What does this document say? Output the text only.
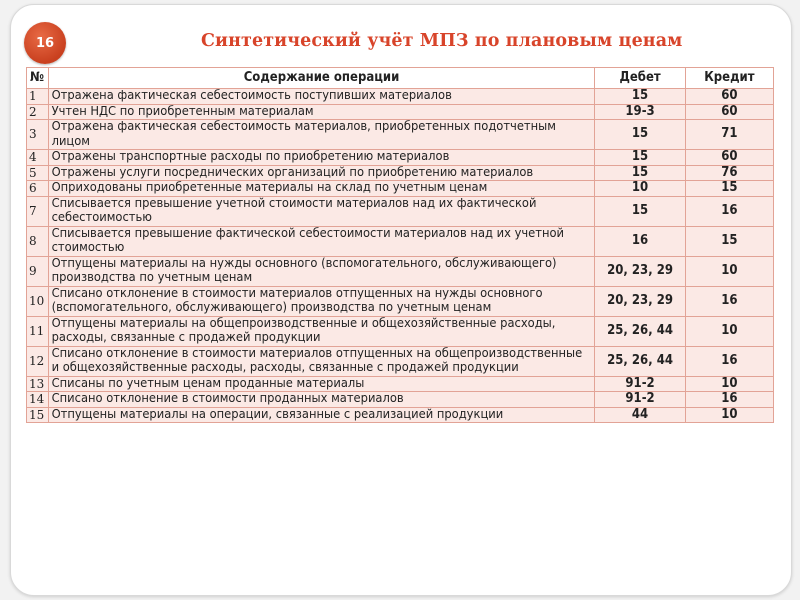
16	Синтетический учёт МПЗ по плановым ценам
№	Содержание операции	Дебет	Кредит
1	Отражена фактическая себестоимость поступивших материалов	15	60
2	Учтен НДС по приобретенным материалам	19-3	60
3	Отражена фактическая себестоимость материалов, приобретенных подотчетным лицом	15	71
4	Отражены транспортные расходы по приобретению материалов	15	60
5	Отражены услуги посреднических организаций по приобретению материалов	15	76
6	Оприходованы приобретенные материалы на склад по учетным ценам	10	15
7	Списывается превышение учетной стоимости материалов над их фактической себестоимостью	15	16
8	Списывается превышение фактической себестоимости материалов над их учетной стоимостью	16	15
9	Отпущены материалы на нужды основного (вспомогательного, обслуживающего) производства по учетным ценам	20, 23, 29	10
10	Списано отклонение в стоимости материалов отпущенных на нужды основного (вспомогательного, обслуживающего) производства по учетным ценам	20, 23, 29	16
11	Отпущены материалы на общепроизводственные и общехозяйственные расходы, расходы, связанные с продажей продукции	25, 26, 44	10
12	Списано отклонение в стоимости материалов отпущенных на общепроизводственные и общехозяйственные расходы, расходы, связанные с продажей продукции	25, 26, 44	16
13	Списаны по учетным ценам проданные материалы	91-2	10
14	Списано отклонение в стоимости проданных материалов	91-2	16
15	Отпущены материалы на операции, связанные с реализацией продукции	44	10
